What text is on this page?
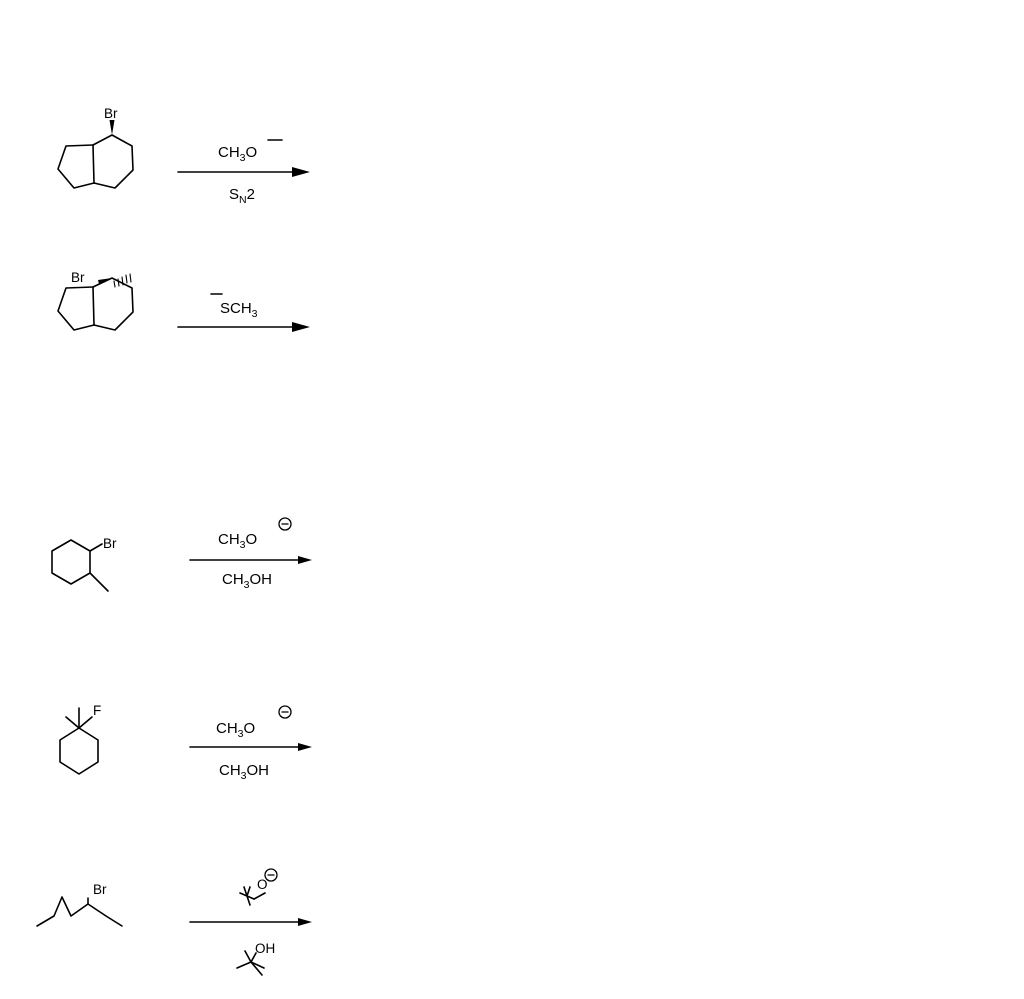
Br
$CH_3O$
$S_N2$
Br
$SCH_3$
Br	$CH_3O$
$CH_3OH$
F
$CH_3O$
$CH_3OH$
Br	O
OH
